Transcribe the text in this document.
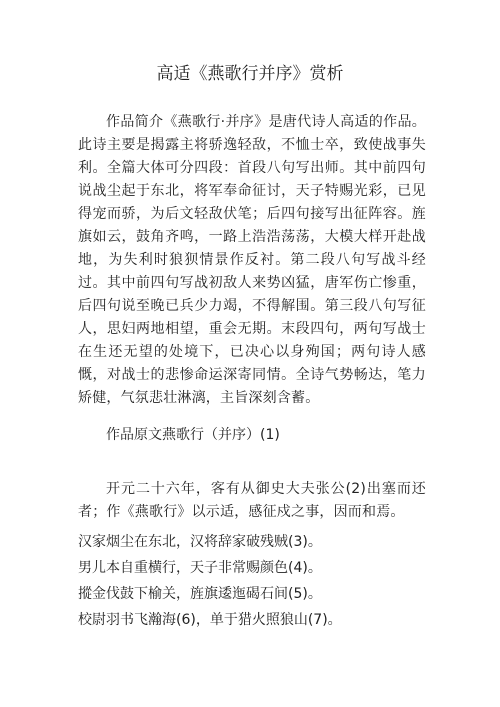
高适《燕歌行并序》赏析
作品简介《燕歌行·并序》是唐代诗人高适的作品。此诗主要是揭露主将骄逸轻敌，不恤士卒，致使战事失利。全篇大体可分四段：首段八句写出师。其中前四句说战尘起于东北，将军奉命征讨，天子特赐光彩，已见得宠而骄，为后文轻敌伏笔；后四句接写出征阵容。旌旗如云，鼓角齐鸣，一路上浩浩荡荡，大模大样开赴战地，为失利时狼狈情景作反衬。第二段八句写战斗经过。其中前四句写战初敌人来势凶猛，唐军伤亡惨重，后四句说至晚已兵少力竭，不得解围。第三段八句写征人，思妇两地相望，重会无期。末段四句，两句写战士在生还无望的处境下，已决心以身殉国；两句诗人感慨，对战士的悲惨命运深寄同情。全诗气势畅达，笔力矫健，气氛悲壮淋漓，主旨深刻含蓄。
作品原文燕歌行（并序）(1)
开元二十六年，客有从御史大夫张公(2)出塞而还者；作《燕歌行》以示适，感征戍之事，因而和焉。
汉家烟尘在东北，汉将辞家破残贼(3)。
男儿本自重横行，天子非常赐颜色(4)。
摐金伐鼓下榆关，旌旗逶迤碣石间(5)。
校尉羽书飞瀚海(6)，单于猎火照狼山(7)。
